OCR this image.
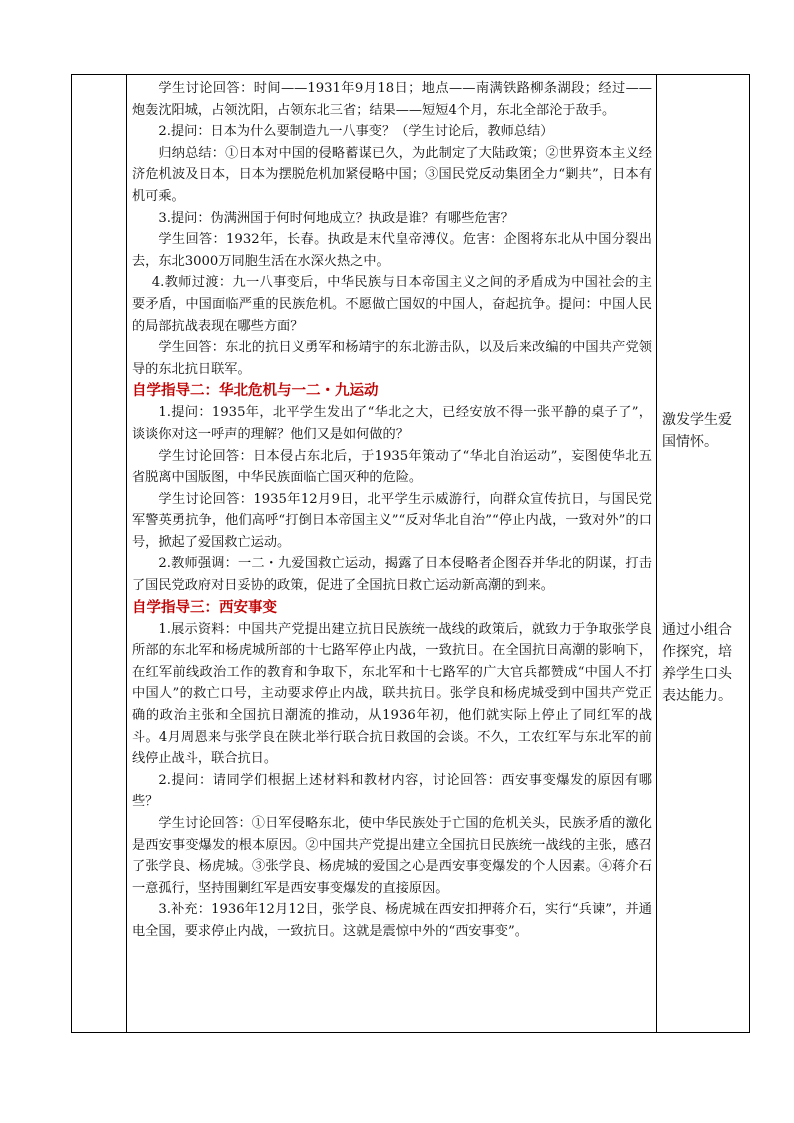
学生讨论回答：时间——1931年9月18日；地点——南满铁路柳条湖段；经过——炮轰沈阳城，占领沈阳，占领东北三省；结果——短短4个月，东北全部沦于敌手。

2.提问：日本为什么要制造九一八事变？（学生讨论后，教师总结）

归纳总结：①日本对中国的侵略蓄谋已久，为此制定了大陆政策；②世界资本主义经济危机波及日本，日本为摆脱危机加紧侵略中国；③国民党反动集团全力“剿共”，日本有机可乘。

3.提问：伪满洲国于何时何地成立？执政是谁？有哪些危害？

学生回答：1932年，长春。执政是末代皇帝溥仪。危害：企图将东北从中国分裂出去，东北3000万同胞生活在水深火热之中。

4.教师过渡：九一八事变后，中华民族与日本帝国主义之间的矛盾成为中国社会的主要矛盾，中国面临严重的民族危机。不愿做亡国奴的中国人，奋起抗争。提问：中国人民的局部抗战表现在哪些方面？

学生回答：东北的抗日义勇军和杨靖宇的东北游击队，以及后来改编的中国共产党领导的东北抗日联军。

自学指导二：华北危机与一二・九运动

1.提问：1935年，北平学生发出了“华北之大，已经安放不得一张平静的桌子了”，谈谈你对这一呼声的理解？他们又是如何做的？

学生讨论回答：日本侵占东北后，于1935年策动了“华北自治运动”，妄图使华北五省脱离中国版图，中华民族面临亡国灭种的危险。

学生讨论回答：1935年12月9日，北平学生示威游行，向群众宣传抗日，与国民党军警英勇抗争，他们高呼“打倒日本帝国主义”“反对华北自治”“停止内战，一致对外”的口号，掀起了爱国救亡运动。

2.教师强调：一二・九爱国救亡运动，揭露了日本侵略者企图吞并华北的阴谋，打击了国民党政府对日妥协的政策，促进了全国抗日救亡运动新高潮的到来。

自学指导三：西安事变

1.展示资料：中国共产党提出建立抗日民族统一战线的政策后，就致力于争取张学良所部的东北军和杨虎城所部的十七路军停止内战，一致抗日。在全国抗日高潮的影响下，在红军前线政治工作的教育和争取下，东北军和十七路军的广大官兵都赞成“中国人不打中国人”的救亡口号，主动要求停止内战，联共抗日。张学良和杨虎城受到中国共产党正确的政治主张和全国抗日潮流的推动，从1936年初，他们就实际上停止了同红军的战斗。4月周恩来与张学良在陕北举行联合抗日救国的会谈。不久，工农红军与东北军的前线停止战斗，联合抗日。

2.提问：请同学们根据上述材料和教材内容，讨论回答：西安事变爆发的原因有哪些？

学生讨论回答：①日军侵略东北，使中华民族处于亡国的危机关头，民族矛盾的激化是西安事变爆发的根本原因。②中国共产党提出建立全国抗日民族统一战线的主张，感召了张学良、杨虎城。③张学良、杨虎城的爱国之心是西安事变爆发的个人因素。④蒋介石一意孤行，坚持围剿红军是西安事变爆发的直接原因。

3.补充：1936年12月12日，张学良、杨虎城在西安扣押蒋介石，实行“兵谏”，并通电全国，要求停止内战，一致抗日。这就是震惊中外的“西安事变”。

激发学生爱国情怀。
通过小组合作探究，培养学生口头表达能力。
